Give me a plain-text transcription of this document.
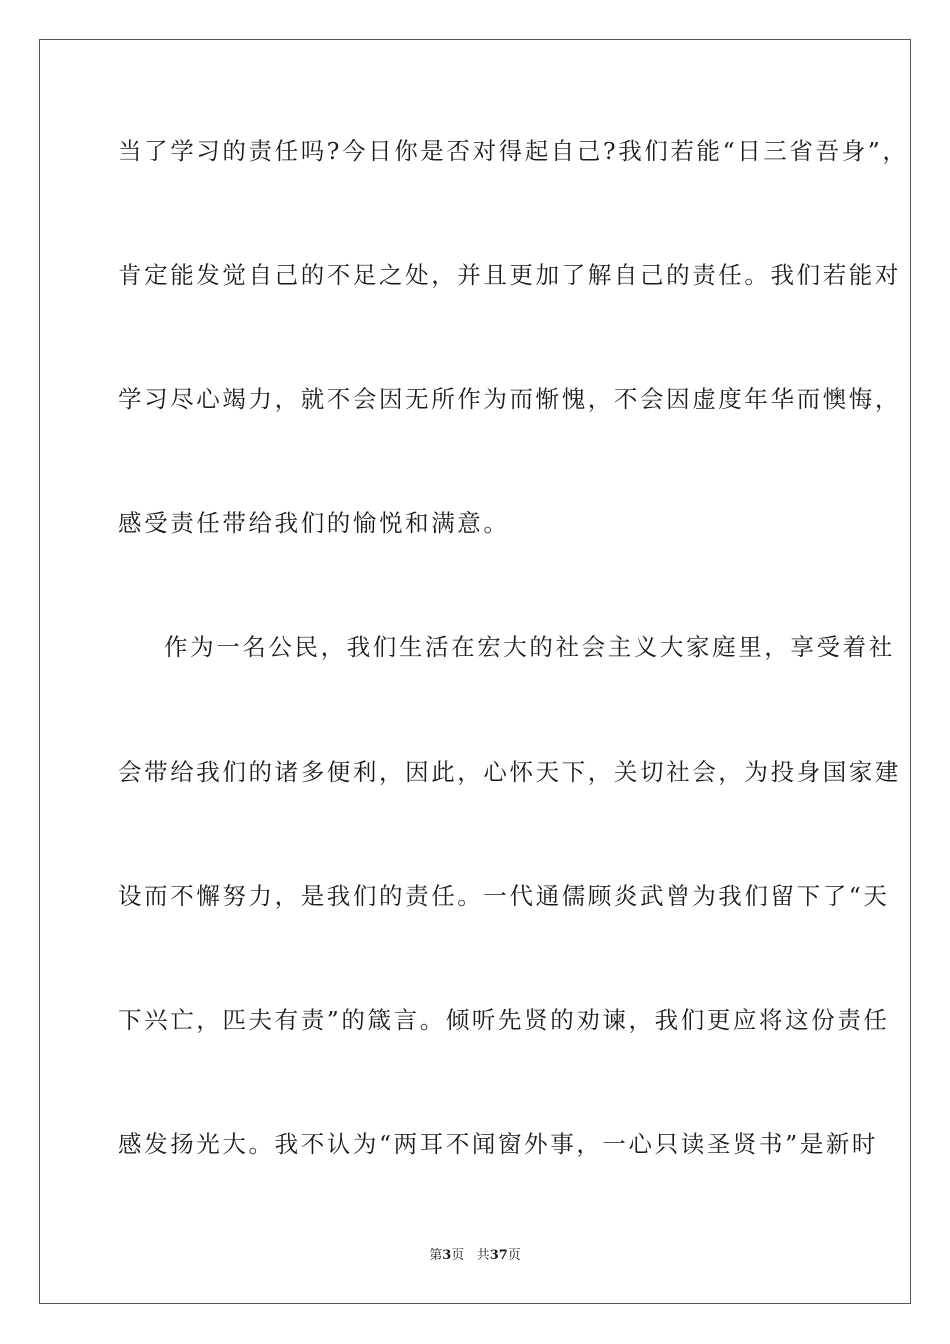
当了学习的责任吗?今日你是否对得起自己?我们若能“日三省吾身”，
肯定能发觉自己的不足之处，并且更加了解自己的责任。我们若能对
学习尽心竭力，就不会因无所作为而惭愧，不会因虚度年华而懊悔，
感受责任带给我们的愉悦和满意。
作为一名公民，我们生活在宏大的社会主义大家庭里，享受着社
会带给我们的诸多便利，因此，心怀天下，关切社会，为投身国家建
设而不懈努力，是我们的责任。一代通儒顾炎武曾为我们留下了“天
下兴亡，匹夫有责”的箴言。倾听先贤的劝谏，我们更应将这份责任
感发扬光大。我不认为“两耳不闻窗外事，一心只读圣贤书”是新时
第3页 共37页
